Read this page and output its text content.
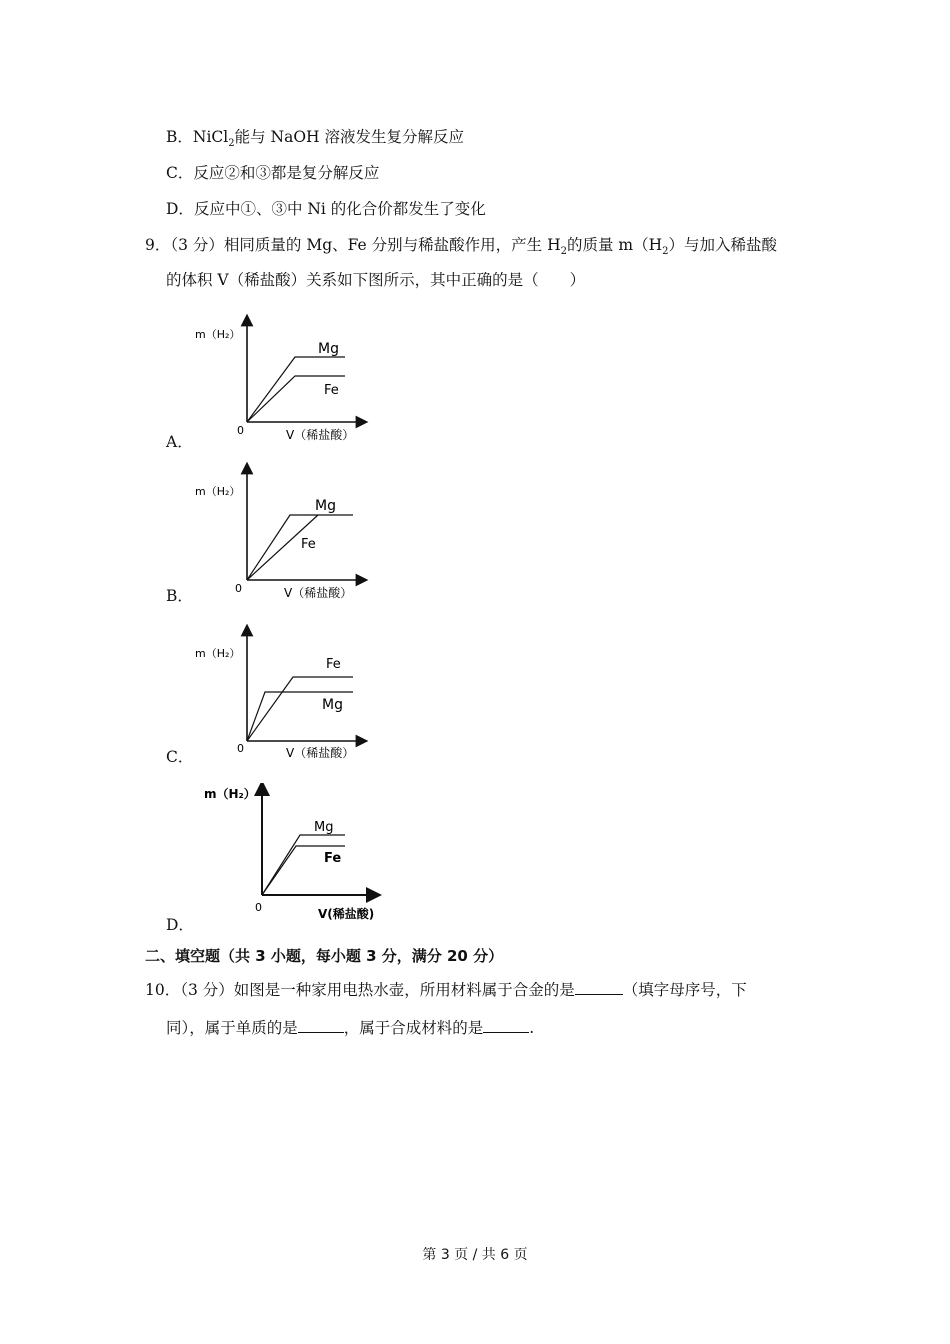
B．NiCl$_2$能与 NaOH 溶液发生复分解反应
C．反应②和③都是复分解反应
D．反应中①、③中 Ni 的化合价都发生了变化
9．（3 分）相同质量的 Mg、Fe 分别与稀盐酸作用，产生 $H_2$的质量 $m(H_2)$与加入稀盐酸
的体积 V（稀盐酸）关系如下图所示，其中正确的是（　　）
A．
m（H₂）
Mg
Fe
0	V（稀盐酸）
B．
m（H₂）
Mg
Fe
0	V（稀盐酸）
C．
m（H₂）
Fe
Mg
0	V（稀盐酸）
D．
m（H₂）
Mg
Fe
0	V(稀盐酸)
二、填空题（共 3 小题，每小题 3 分，满分 20 分）
10．（3 分）如图是一种家用电热水壶，所用材料属于合金的是	（填字母序号，下
同），属于单质的是	，属于合成材料的是	.
第 3 页 / 共 6 页
